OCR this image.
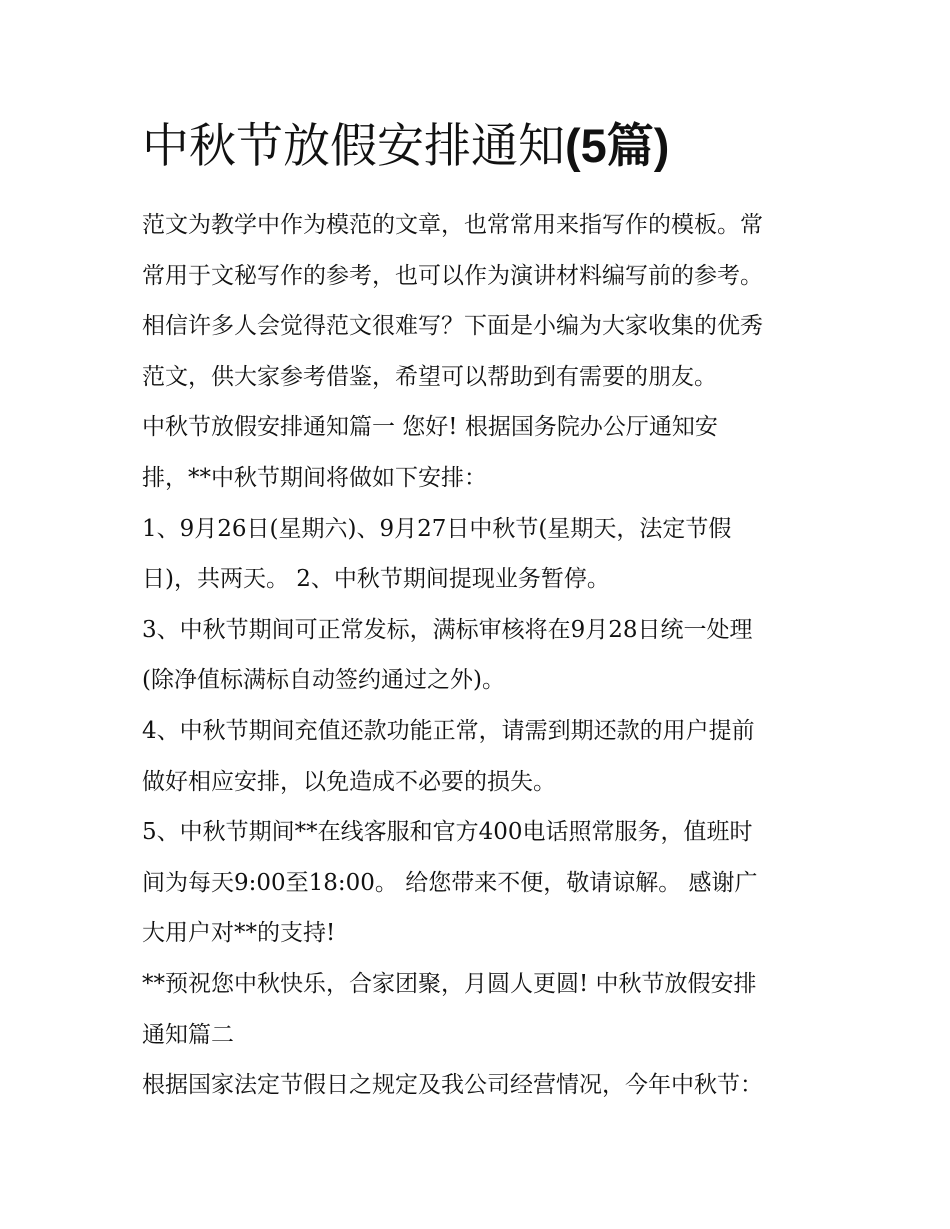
中秋节放假安排通知(5篇)
范文为教学中作为模范的文章，也常常用来指写作的模板。常
常用于文秘写作的参考，也可以作为演讲材料编写前的参考。
相信许多人会觉得范文很难写？下面是小编为大家收集的优秀
范文，供大家参考借鉴，希望可以帮助到有需要的朋友。
中秋节放假安排通知篇一 您好! 根据国务院办公厅通知安
排，**中秋节期间将做如下安排：
1、9月26日(星期六)、9月27日中秋节(星期天，法定节假
日)，共两天。 2、中秋节期间提现业务暂停。
3、中秋节期间可正常发标，满标审核将在9月28日统一处理
(除净值标满标自动签约通过之外)。
4、中秋节期间充值还款功能正常，请需到期还款的用户提前
做好相应安排，以免造成不必要的损失。
5、中秋节期间**在线客服和官方400电话照常服务，值班时
间为每天9:00至18:00。 给您带来不便，敬请谅解。 感谢广
大用户对**的支持!
**预祝您中秋快乐，合家团聚，月圆人更圆! 中秋节放假安排
通知篇二
根据国家法定节假日之规定及我公司经营情况，今年中秋节：
